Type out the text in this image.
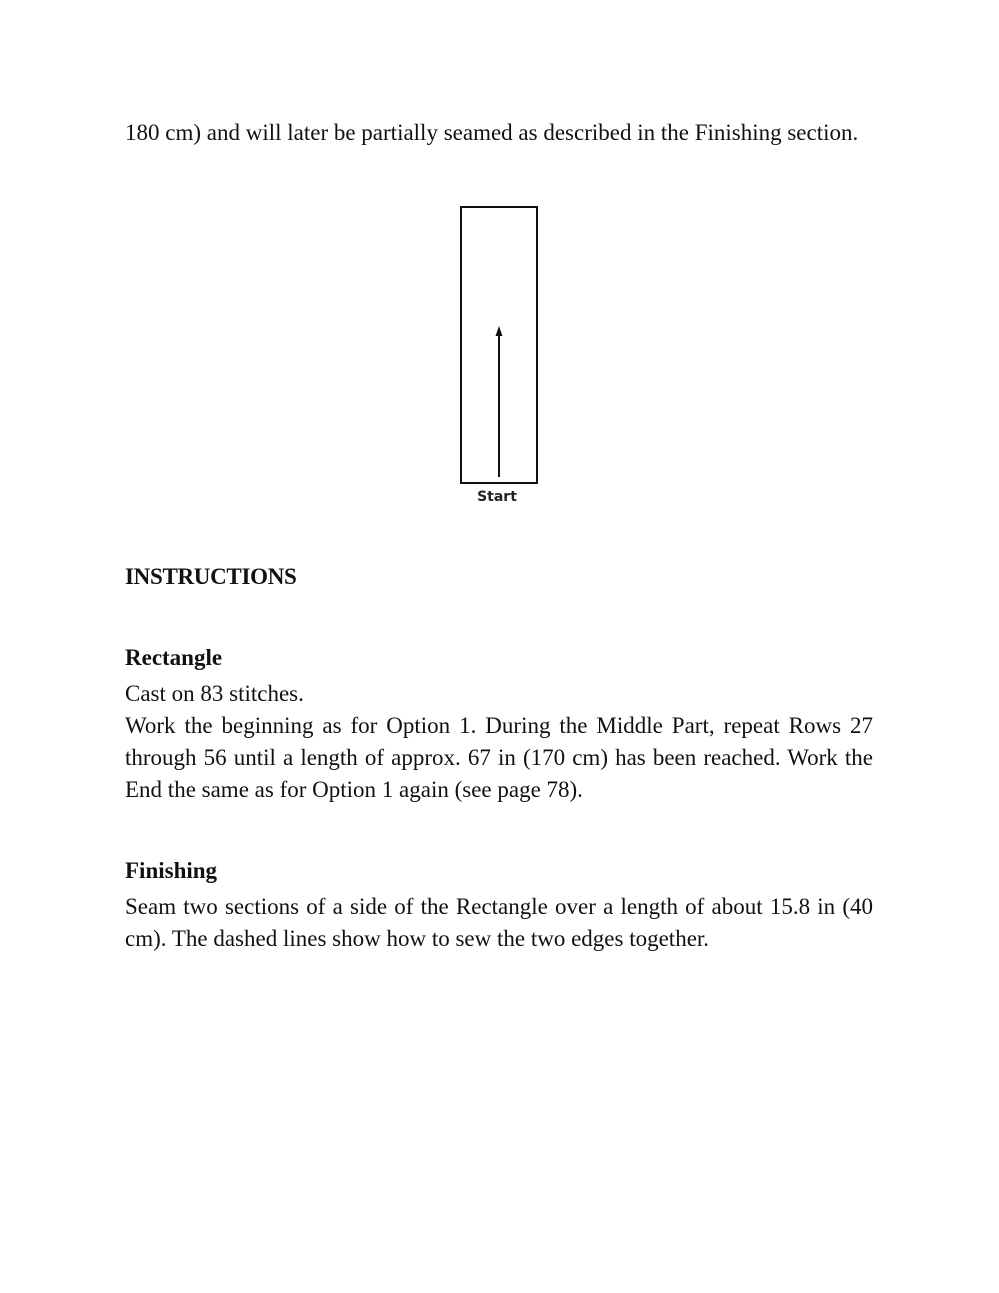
180 cm) and will later be partially seamed as described in the Finishing section.

Start
INSTRUCTIONS
Rectangle
Cast on 83 stitches.
Work the beginning as for Option 1. During the Middle Part, repeat Rows 27 through 56 until a length of approx. 67 in (170 cm) has been reached. Work the End the same as for Option 1 again (see page 78).
Finishing

Seam two sections of a side of the Rectangle over a length of about 15.8 in (40 cm). The dashed lines show how to sew the two edges together.
